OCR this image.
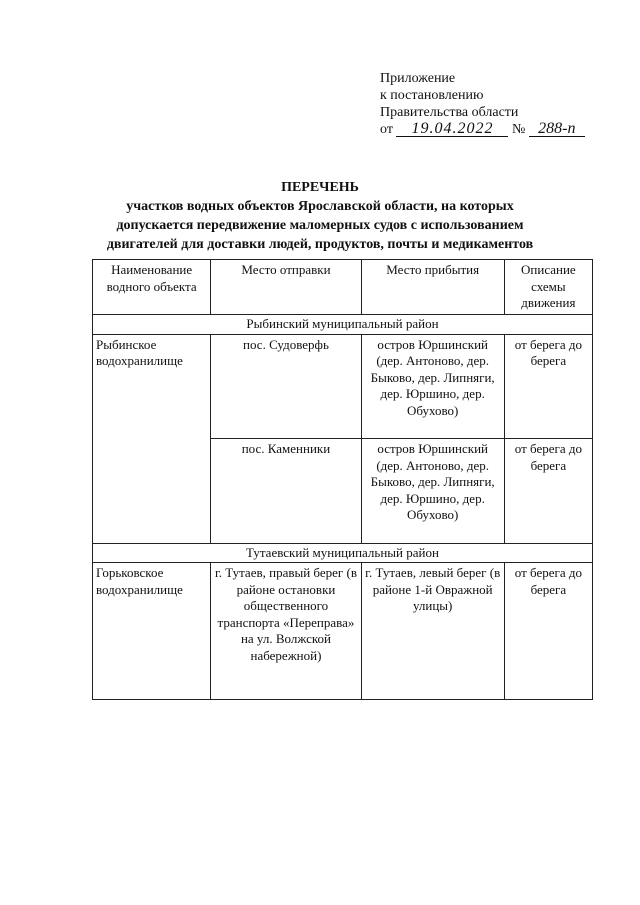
Приложение
к постановлению
Правительства области
от 19.04.2022 № 288-п
ПЕРЕЧЕНЬ
участков водных объектов Ярославской области, на которых
допускается передвижение маломерных судов с использованием
двигателей для доставки людей, продуктов, почты и медикаментов
Наименование водного объекта	Место отправки	Место прибытия	Описание схемы движения
Рыбинский муниципальный район			
Рыбинское водохранилище	пос. Судоверфь	остров Юршинский (дер. Антоново, дер. Быково, дер. Липняги, дер. Юршино, дер. Обухово)	от берега до берега
	пос. Каменники	остров Юршинский (дер. Антоново, дер. Быково, дер. Липняги, дер. Юршино, дер. Обухово)	от берега до берега
Тутаевский муниципальный район			
Горьковское водохранилище	г. Тутаев, правый берег (в районе остановки общественного транспорта «Переправа» на ул. Волжской набережной)	г. Тутаев, левый берег (в районе 1-й Овражной улицы)	от берега до берега
